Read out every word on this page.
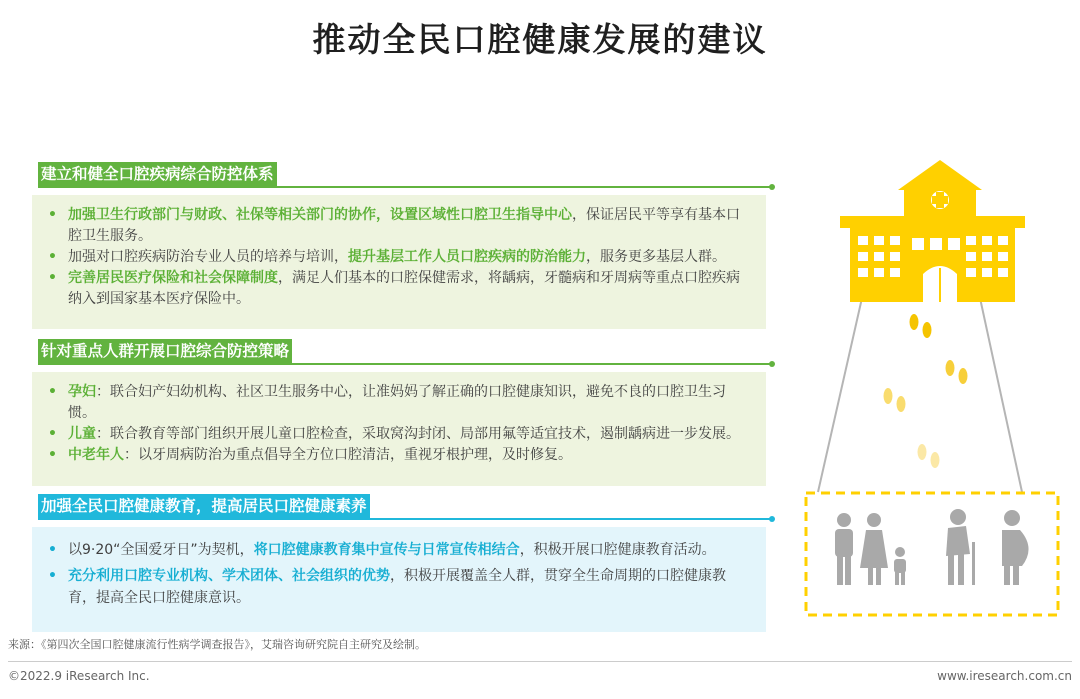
推动全民口腔健康发展的建议
建立和健全口腔疾病综合防控体系
• 加强卫生行政部门与财政、社保等相关部门的协作，设置区域性口腔卫生指导中心，保证居民平等享有基本口腔卫生服务。
• 加强对口腔疾病防治专业人员的培养与培训，提升基层工作人员口腔疾病的防治能力，服务更多基层人群。
• 完善居民医疗保险和社会保障制度，满足人们基本的口腔保健需求，将龋病，牙髓病和牙周病等重点口腔疾病纳入到国家基本医疗保险中。
针对重点人群开展口腔综合防控策略
• 孕妇：联合妇产妇幼机构、社区卫生服务中心，让准妈妈了解正确的口腔健康知识，避免不良的口腔卫生习惯。
• 儿童：联合教育等部门组织开展儿童口腔检查，采取窝沟封闭、局部用氟等适宜技术，遏制龋病进一步发展。
• 中老年人：以牙周病防治为重点倡导全方位口腔清洁，重视牙根护理，及时修复。
加强全民口腔健康教育，提高居民口腔健康素养
• 以9·20“全国爱牙日”为契机，将口腔健康教育集中宣传与日常宣传相结合，积极开展口腔健康教育活动。
• 充分利用口腔专业机构、学术团体、社会组织的优势，积极开展覆盖全人群，贯穿全生命周期的口腔健康教育，提高全民口腔健康意识。
来源：《第四次全国口腔健康流行性病学调查报告》，艾瑞咨询研究院自主研究及绘制。
©2022.9 iResearch Inc.	www.iresearch.com.cn
